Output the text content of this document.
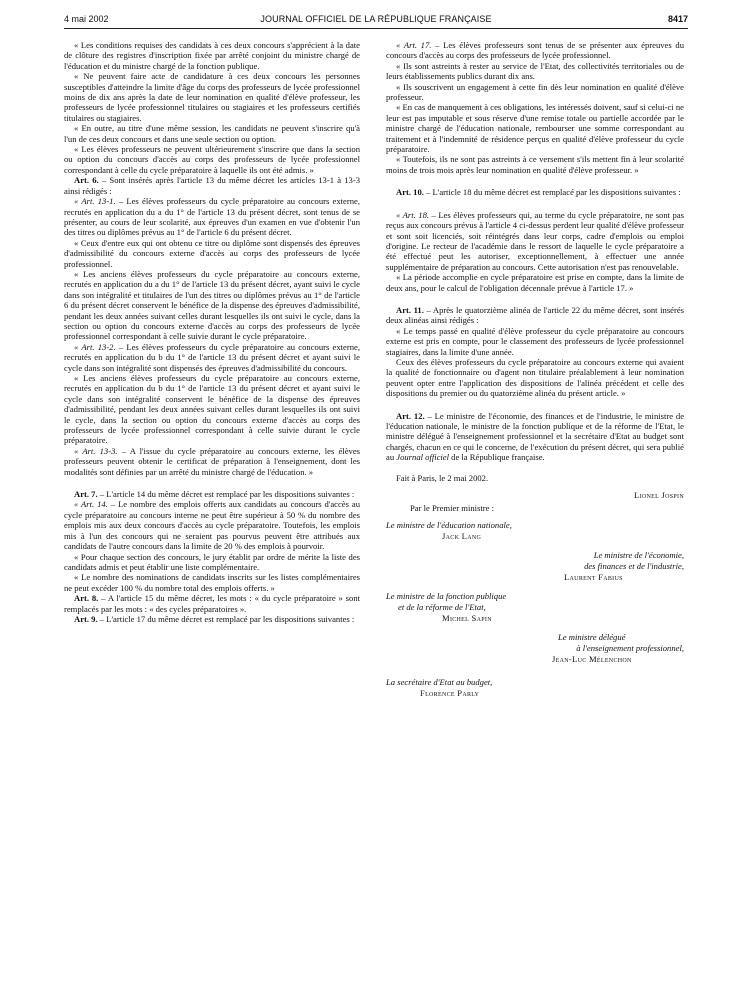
4 mai 2002	JOURNAL OFFICIEL DE LA RÉPUBLIQUE FRANÇAISE	8417

« Les conditions requises des candidats à ces deux concours s'apprécient à la date de clôture des registres d'inscription fixée par arrêté conjoint du ministre chargé de l'éducation et du ministre chargé de la fonction publique.

« Ne peuvent faire acte de candidature à ces deux concours les personnes susceptibles d'atteindre la limite d'âge du corps des professeurs de lycée professionnel moins de dix ans après la date de leur nomination en qualité d'élève professeur, les professeurs de lycée professionnel titulaires ou stagiaires et les professeurs certifiés titulaires ou stagiaires.

« En outre, au titre d'une même session, les candidats ne peuvent s'inscrire qu'à l'un de ces deux concours et dans une seule section ou option.

« Les élèves professeurs ne peuvent ultérieurement s'inscrire que dans la section ou option du concours d'accès au corps des professeurs de lycée professionnel correspondant à celle du cycle préparatoire à laquelle ils ont été admis. »

Art. 6. – Sont insérés après l'article 13 du même décret les articles 13-1 à 13-3 ainsi rédigés :

« Art. 13-1. – Les élèves professeurs du cycle préparatoire au concours externe, recrutés en application du a du 1° de l'article 13 du présent décret, sont tenus de se présenter, au cours de leur scolarité, aux épreuves d'un examen en vue d'obtenir l'un des titres ou diplômes prévus au 1° de l'article 6 du présent décret.

« Ceux d'entre eux qui ont obtenu ce titre ou diplôme sont dispensés des épreuves d'admissibilité du concours externe d'accès au corps des professeurs de lycée professionnel.

« Les anciens élèves professeurs du cycle préparatoire au concours externe, recrutés en application du a du 1° de l'article 13 du présent décret, ayant suivi le cycle dans son intégralité et titulaires de l'un des titres ou diplômes prévus au 1° de l'article 6 du présent décret conservent le bénéfice de la dispense des épreuves d'admissibilité, pendant les deux années suivant celles durant lesquelles ils ont suivi le cycle, dans la section ou option du concours externe d'accès au corps des professeurs de lycée professionnel correspondant à celle suivie durant le cycle préparatoire.

« Art. 13-2. – Les élèves professeurs du cycle préparatoire au concours externe, recrutés en application du b du 1° de l'article 13 du présent décret et ayant suivi le cycle dans son intégralité sont dispensés des épreuves d'admissibilité du concours.

« Les anciens élèves professeurs du cycle préparatoire au concours externe, recrutés en application du b du 1° de l'article 13 du présent décret et ayant suivi le cycle dans son intégralité conservent le bénéfice de la dispense des épreuves d'admissibilité, pendant les deux années suivant celles durant lesquelles ils ont suivi le cycle, dans la section ou option du concours externe d'accès au corps des professeurs de lycée professionnel correspondant à celle suivie durant le cycle préparatoire.

« Art. 13-3. – A l'issue du cycle préparatoire au concours externe, les élèves professeurs peuvent obtenir le certificat de préparation à l'enseignement, dont les modalités sont définies par un arrêté du ministre chargé de l'éducation. »

Art. 7. – L'article 14 du même décret est remplacé par les dispositions suivantes :

« Art. 14. – Le nombre des emplois offerts aux candidats au concours d'accès au cycle préparatoire au concours interne ne peut être supérieur à 50 % du nombre des emplois mis aux deux concours d'accès au cycle préparatoire. Toutefois, les emplois mis à l'un des concours qui ne seraient pas pourvus peuvent être attribués aux candidats de l'autre concours dans la limite de 20 % des emplois à pourvoir.

« Pour chaque section des concours, le jury établit par ordre de mérite la liste des candidats admis et peut établir une liste complémentaire.

« Le nombre des nominations de candidats inscrits sur les listes complémentaires ne peut excéder 100 % du nombre total des emplois offerts. »

Art. 8. – A l'article 15 du même décret, les mots : « du cycle préparatoire » sont remplacés par les mots : « des cycles préparatoires ».

Art. 9. – L'article 17 du même décret est remplacé par les dispositions suivantes :

« Art. 17. – Les élèves professeurs sont tenus de se présenter aux épreuves du concours d'accès au corps des professeurs de lycée professionnel.

« Ils sont astreints à rester au service de l'Etat, des collectivités territoriales ou de leurs établissements publics durant dix ans.

« Ils souscrivent un engagement à cette fin dès leur nomination en qualité d'élève professeur.

« En cas de manquement à ces obligations, les intéressés doivent, sauf si celui-ci ne leur est pas imputable et sous réserve d'une remise totale ou partielle accordée par le ministre chargé de l'éducation nationale, rembourser une somme correspondant au traitement et à l'indemnité de résidence perçus en qualité d'élève professeur du cycle préparatoire.

« Toutefois, ils ne sont pas astreints à ce versement s'ils mettent fin à leur scolarité moins de trois mois après leur nomination en qualité d'élève professeur. »

Art. 10. – L'article 18 du même décret est remplacé par les dispositions suivantes :

« Art. 18. – Les élèves professeurs qui, au terme du cycle préparatoire, ne sont pas reçus aux concours prévus à l'article 4 ci-dessus perdent leur qualité d'élève professeur et sont soit licenciés, soit réintégrés dans leur corps, cadre d'emplois ou emploi d'origine. Le recteur de l'académie dans le ressort de laquelle le cycle préparatoire a été effectué peut les autoriser, exceptionnellement, à effectuer une année supplémentaire de préparation au concours. Cette autorisation n'est pas renouvelable.

« La période accomplie en cycle préparatoire est prise en compte, dans la limite de deux ans, pour le calcul de l'obligation décennale prévue à l'article 17. »

Art. 11. – Après le quatorzième alinéa de l'article 22 du même décret, sont insérés deux alinéas ainsi rédigés :

« Le temps passé en qualité d'élève professeur du cycle préparatoire au concours externe est pris en compte, pour le classement des professeurs de lycée professionnel stagiaires, dans la limite d'une année.

Ceux des élèves professeurs du cycle préparatoire au concours externe qui avaient la qualité de fonctionnaire ou d'agent non titulaire préalablement à leur nomination peuvent opter entre l'application des dispositions de l'alinéa précédent et celle des dispositions du premier ou du quatorzième alinéa du présent article. »

Art. 12. – Le ministre de l'économie, des finances et de l'industrie, le ministre de l'éducation nationale, le ministre de la fonction publique et de la réforme de l'Etat, le ministre délégué à l'enseignement professionnel et la secrétaire d'Etat au budget sont chargés, chacun en ce qui le concerne, de l'exécution du présent décret, qui sera publié au Journal officiel de la République française.

Fait à Paris, le 2 mai 2002.
Lionel Jospin
Par le Premier ministre :
Le ministre de l'éducation nationale,
Jack Lang
Le ministre de l'économie,
des finances et de l'industrie,
Laurent Fabius
Le ministre de la fonction publique
et de la réforme de l'Etat,
Michel Sapin
Le ministre délégué
à l'enseignement professionnel,
Jean-Luc Mélenchon
La secrétaire d'Etat au budget,
Florence Parly
